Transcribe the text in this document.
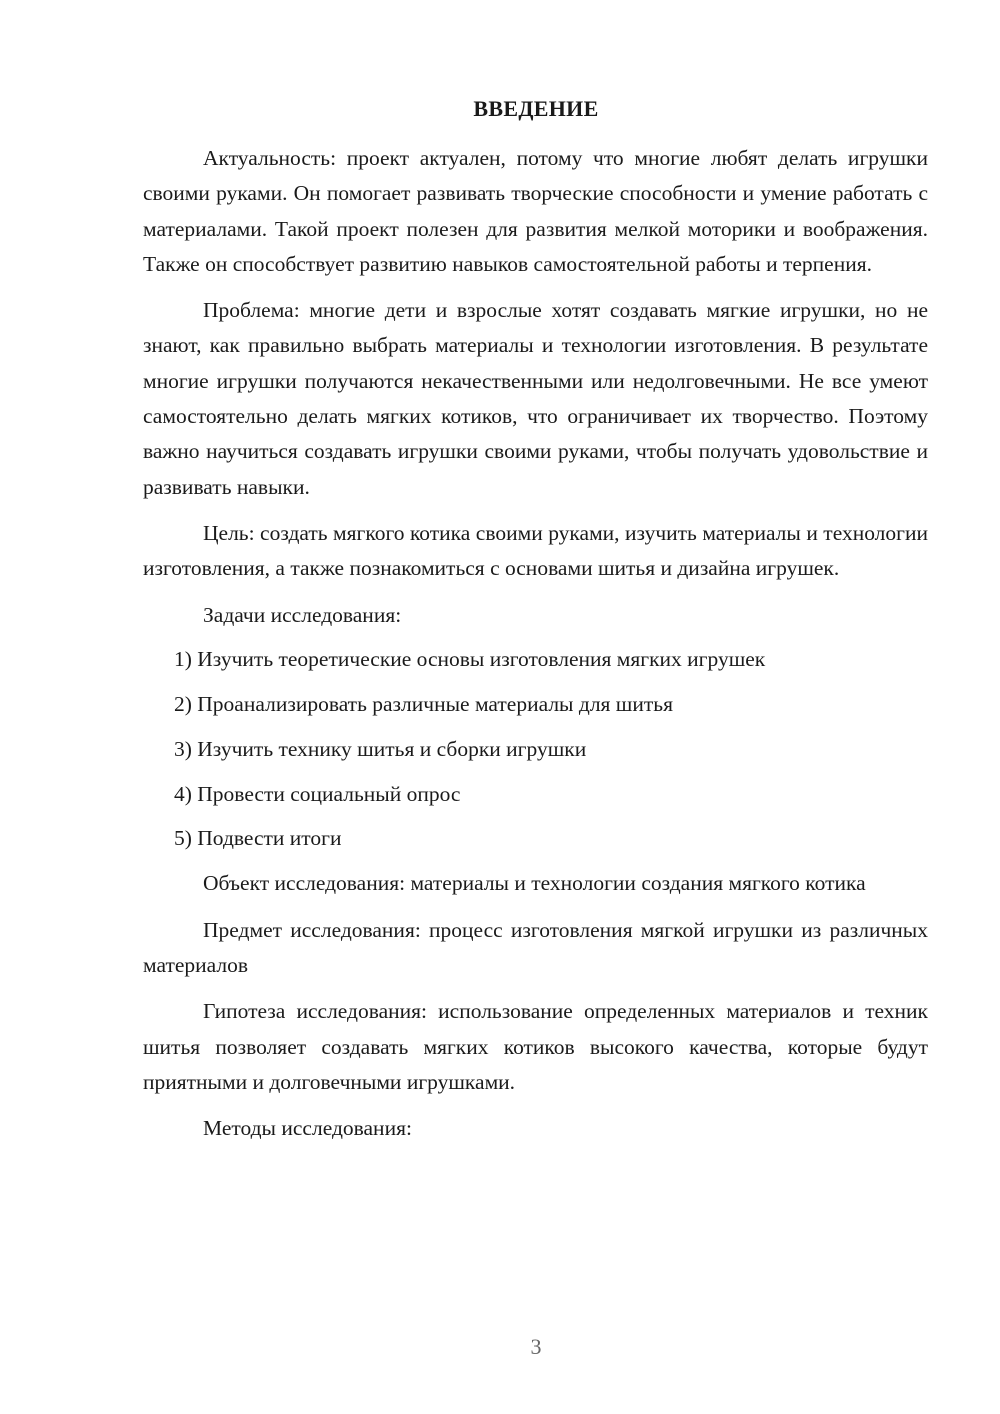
ВВЕДЕНИЕ

Актуальность: проект актуален, потому что многие любят делать игрушки своими руками. Он помогает развивать творческие способности и умение работать с материалами. Такой проект полезен для развития мелкой моторики и воображения. Также он способствует развитию навыков самостоятельной работы и терпения.

Проблема: многие дети и взрослые хотят создавать мягкие игрушки, но не знают, как правильно выбрать материалы и технологии изготовления. В результате многие игрушки получаются некачественными или недолговечными. Не все умеют самостоятельно делать мягких котиков, что ограничивает их творчество. Поэтому важно научиться создавать игрушки своими руками, чтобы получать удовольствие и развивать навыки.

Цель: создать мягкого котика своими руками, изучить материалы и технологии изготовления, а также познакомиться с основами шитья и дизайна игрушек.

Задачи исследования:

1) Изучить теоретические основы изготовления мягких игрушек
2) Проанализировать различные материалы для шитья
3) Изучить технику шитья и сборки игрушки
4) Провести социальный опрос
5) Подвести итоги

Объект исследования: материалы и технологии создания мягкого котика

Предмет исследования: процесс изготовления мягкой игрушки из различных материалов

Гипотеза исследования: использование определенных материалов и техник шитья позволяет создавать мягких котиков высокого качества, которые будут приятными и долговечными игрушками.

Методы исследования:

3
